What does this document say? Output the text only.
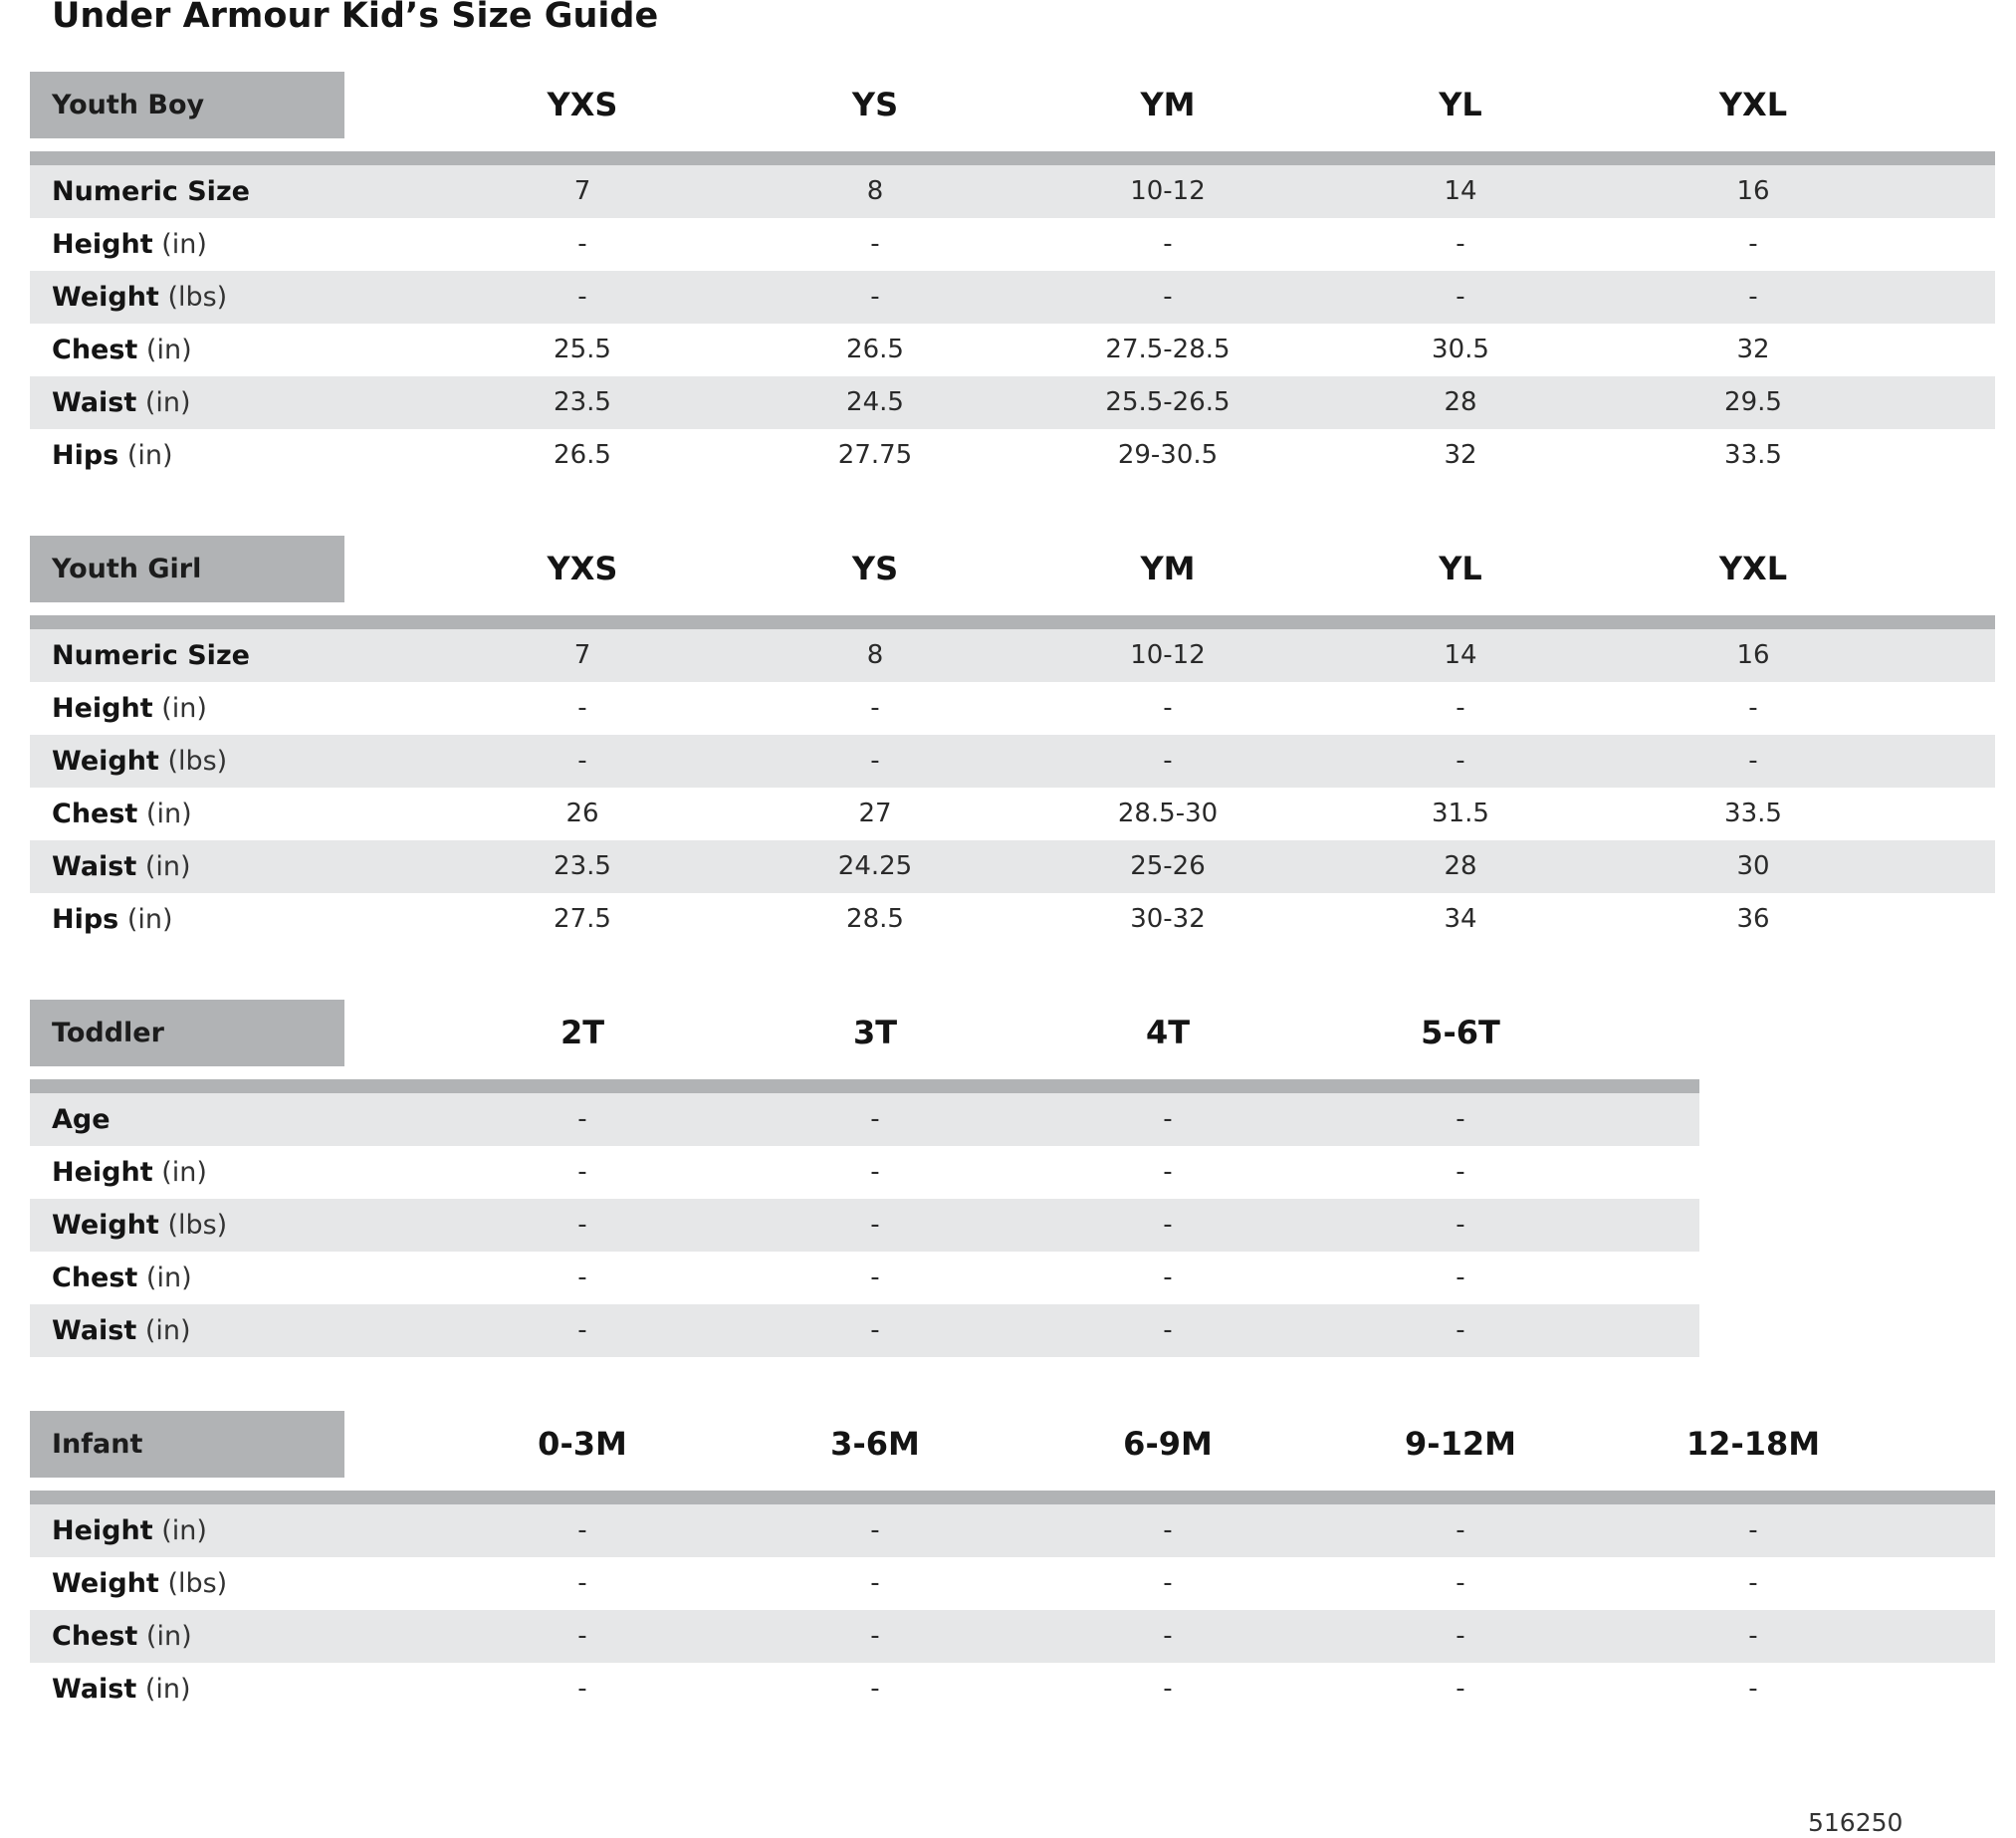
Under Armour Kid’s Size Guide
Youth Boy	YXS	YS	YM	YL	YXL
Numeric Size	7	8	10-12	14	16
Height (in)	-	-	-	-	-
Weight (lbs)	-	-	-	-	-
Chest (in)	25.5	26.5	27.5-28.5	30.5	32
Waist (in)	23.5	24.5	25.5-26.5	28	29.5
Hips (in)	26.5	27.75	29-30.5	32	33.5
Youth Girl	YXS	YS	YM	YL	YXL
Numeric Size	7	8	10-12	14	16
Height (in)	-	-	-	-	-
Weight (lbs)	-	-	-	-	-
Chest (in)	26	27	28.5-30	31.5	33.5
Waist (in)	23.5	24.25	25-26	28	30
Hips (in)	27.5	28.5	30-32	34	36
Toddler	2T	3T	4T	5-6T
Age	-	-	-	-
Height (in)	-	-	-	-
Weight (lbs)	-	-	-	-
Chest (in)	-	-	-	-
Waist (in)	-	-	-	-
Infant	0-3M	3-6M	6-9M	9-12M	12-18M
Height (in)	-	-	-	-	-
Weight (lbs)	-	-	-	-	-
Chest (in)	-	-	-	-	-
Waist (in)	-	-	-	-	-
516250
